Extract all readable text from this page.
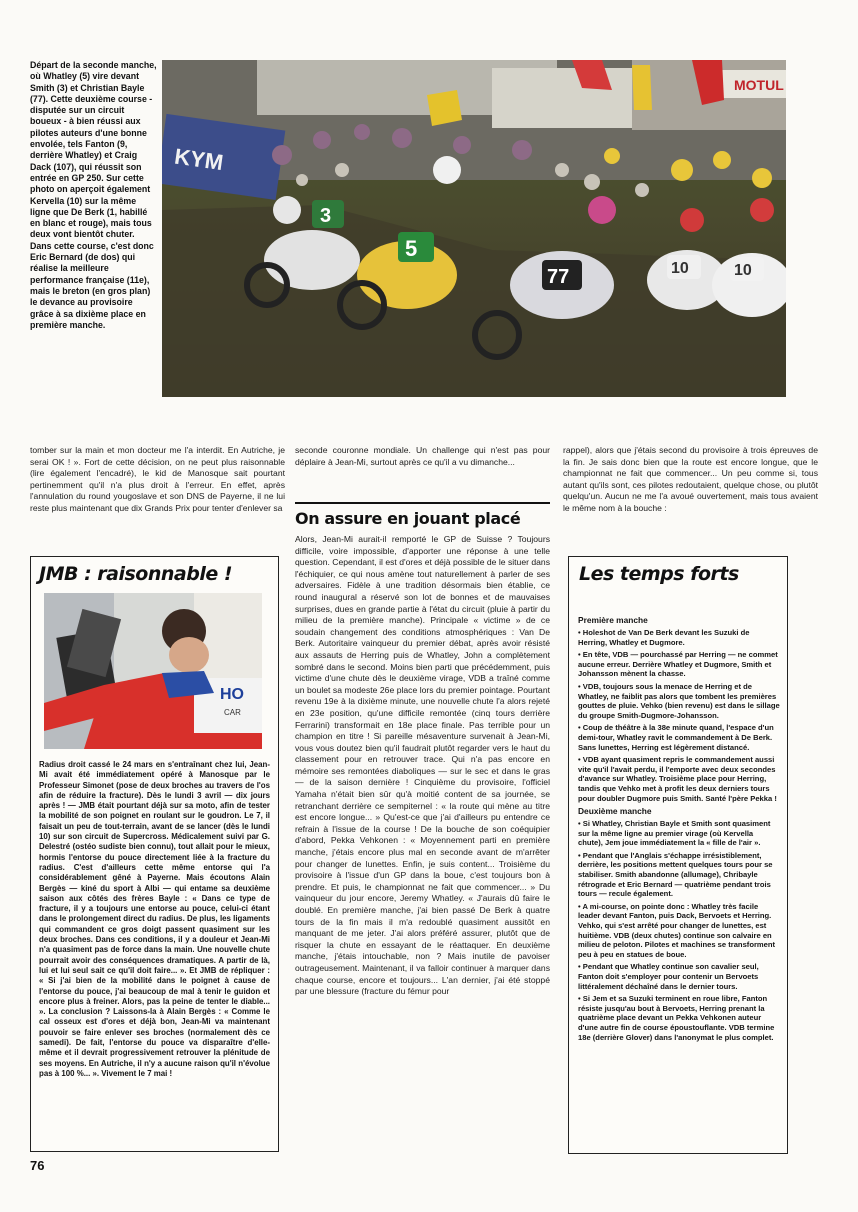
Départ de la seconde manche, où Whatley (5) vire devant Smith (3) et Christian Bayle (77). Cette deuxième course - disputée sur un circuit boueux - à bien réussi aux pilotes auteurs d'une bonne envolée, tels Fanton (9, derrière Whatley) et Craig Dack (107), qui réussit son entrée en GP 250. Sur cette photo on aperçoit également Kervella (10) sur la même ligne que De Berk (1, habillé en blanc et rouge), mais tous deux vont bientôt chuter. Dans cette course, c'est donc Eric Bernard (de dos) qui réalise la meilleure performance française (11e), mais le breton (en gros plan) le devance au provisoire grâce à sa dixième place en première manche.
MOTUL
KYM
3
5
77	10	10

tomber sur la main et mon docteur me l'a interdit. En Autriche, je serai OK ! ». Fort de cette décision, on ne peut plus raisonnable (lire également l'encadré), le kid de Manosque sait pourtant pertinemment qu'il n'a plus droit à l'erreur. En effet, après l'annulation du round yougoslave et son DNS de Payerne, il ne lui reste plus maintenant que dix Grands Prix pour tenter d'enlever sa

seconde couronne mondiale. Un challenge qui n'est pas pour déplaire à Jean-Mi, surtout après ce qu'il a vu dimanche...

On assure en jouant placé

Alors, Jean-Mi aurait-il remporté le GP de Suisse ? Toujours difficile, voire impossible, d'apporter une réponse à une telle question. Cependant, il est d'ores et déjà possible de le situer dans l'échiquier, ce qui nous amène tout naturellement à parler de ses adversaires. Fidèle à une tradition désormais bien établie, ce round inaugural a réservé son lot de bonnes et de mauvaises surprises, dues en grande partie à l'état du circuit (pluie à partir du milieu de la première manche). Principale « victime » de ce soudain changement des conditions atmosphériques : Van De Berk. Autoritaire vainqueur du premier débat, après avoir résisté aux assauts de Herring puis de Whatley, John a complètement sombré dans le second. Moins bien parti que précédemment, puis victime d'une chute dès le deuxième virage, VDB a traîné comme un boulet sa modeste 26e place lors du premier pointage. Pourtant revenu 19e à la dixième minute, une nouvelle chute l'a alors rejeté en 23e position, qu'une difficile remontée (cinq tours derrière Ferrarini) transformait en 18e place finale. Pas terrible pour un champion en titre ! Si pareille mésaventure survenait à Jean-Mi, vous vous doutez bien qu'il faudrait plutôt regarder vers le haut du classement pour en retrouver trace. Qui n'a pas encore en mémoire ses remontées diaboliques — sur le sec et dans le gras — de la saison dernière ! Cinquième du provisoire, l'officiel Yamaha n'était bien sûr qu'à moitié content de sa journée, se retranchant derrière ce sempiternel : « la route qui mène au titre est encore longue... » Qu'est-ce que j'ai d'ailleurs pu entendre ce refrain à l'issue de la course ! De la bouche de son coéquipier d'abord, Pekka Vehkonen : « Moyennement parti en première manche, j'étais encore plus mal en seconde avant de m'arrêter pour changer de lunettes. Enfin, je suis content... Troisième du provisoire à l'issue d'un GP dans la boue, c'est toujours bon à prendre. Et puis, le championnat ne fait que commencer... » Du vainqueur du jour encore, Jeremy Whatley. « J'aurais dû faire le doublé. En première manche, j'ai bien passé De Berk à quatre tours de la fin mais il m'a redoublé quasiment aussitôt en manquant de me jeter. J'ai alors préféré assurer, plutôt que de risquer la chute en essayant de le réattaquer. En deuxième manche, j'étais intouchable, non ? Mais inutile de pavoiser outrageusement. Maintenant, il va falloir continuer à marquer dans chaque course, encore et toujours... L'an dernier, j'ai été stoppé par une blessure (fracture du fémur pour

rappel), alors que j'étais second du provisoire à trois épreuves de la fin. Je sais donc bien que la route est encore longue, que le championnat ne fait que commencer... Un peu comme si, tous autant qu'ils sont, ces pilotes redoutaient, quelque chose, ou plutôt quelqu'un. Aucun ne me l'a avoué ouvertement, mais tous avaient le même nom à la bouche :

JMB : raisonnable !
HO
CAR

Radius droit cassé le 24 mars en s'entraînant chez lui, Jean-Mi avait été immédiatement opéré à Manosque par le Professeur Simonet (pose de deux broches au travers de l'os afin de réduire la fracture). Dès le lundi 3 avril — dix jours après ! — JMB était pourtant déjà sur sa moto, afin de tester la mobilité de son poignet en roulant sur le goudron. Le 7, il faisait un peu de tout-terrain, avant de se lancer (dès le lundi 10) sur son circuit de Supercross. Médicalement suivi par G. Delestré (ostéo sudiste bien connu), tout allait pour le mieux, hormis l'entorse du pouce directement liée à la fracture du radius. C'est d'ailleurs cette même entorse qui l'a considérablement gêné à Payerne. Mais écoutons Alain Bergès — kiné du sport à Albi — qui entame sa deuxième saison aux côtés des frères Bayle : « Dans ce type de fracture, il y a toujours une entorse au pouce, celui-ci étant dans le prolongement direct du radius. De plus, les ligaments qui commandent ce gros doigt passent quasiment sur les deux broches. Dans ces conditions, il y a douleur et Jean-Mi n'a quasiment pas de force dans la main. Une nouvelle chute pourrait avoir des conséquences dramatiques. A partir de là, lui et lui seul sait ce qu'il doit faire... ». Et JMB de répliquer : « Si j'ai bien de la mobilité dans le poignet à cause de l'entorse du pouce, j'ai beaucoup de mal à tenir le guidon et encore plus à freiner. Alors, pas la peine de tenter le diable... ». La conclusion ? Laissons-la à Alain Bergès : « Comme le cal osseux est d'ores et déjà bon, Jean-Mi va maintenant pouvoir se faire enlever ses broches (normalement dès ce samedi). De fait, l'entorse du pouce va disparaître d'elle-même et il devrait progressivement retrouver la plénitude de ses moyens. En Autriche, il n'y a aucune raison qu'il n'évolue pas à 100 %... ». Vivement le 7 mai !

Les temps forts
Première manche
• Holeshot de Van De Berk devant les Suzuki de Herring, Whatley et Dugmore.
• En tête, VDB — pourchassé par Herring — ne commet aucune erreur. Derrière Whatley et Dugmore, Smith et Johansson mènent la chasse.
• VDB, toujours sous la menace de Herring et de Whatley, ne faiblit pas alors que tombent les premières gouttes de pluie. Vehko (bien revenu) est dans le sillage du groupe Smith-Dugmore-Johansson.
• Coup de théâtre à la 38e minute quand, l'espace d'un demi-tour, Whatley ravit le commandement à De Berk. Sans lunettes, Herring est légèrement distancé.
• VDB ayant quasiment repris le commandement aussi vite qu'il l'avait perdu, il l'emporte avec deux secondes d'avance sur Whatley. Troisième place pour Herring, tandis que Vehko met à profit les deux derniers tours pour doubler Dugmore puis Smith. Santé l'père Pekka !
Deuxième manche
• Si Whatley, Christian Bayle et Smith sont quasiment sur la même ligne au premier virage (où Kervella chute), Jem joue immédiatement la « fille de l'air ».
• Pendant que l'Anglais s'échappe irrésistiblement, derrière, les positions mettent quelques tours pour se stabiliser. Smith abandonne (allumage), Chribayle rétrograde et Eric Bernard — quatrième pendant trois tours — recule également.
• A mi-course, on pointe donc : Whatley très facile leader devant Fanton, puis Dack, Bervoets et Herring. Vehko, qui s'est arrêté pour changer de lunettes, est huitième. VDB (deux chutes) continue son calvaire en milieu de peloton. Pilotes et machines se transforment peu à peu en statues de boue.
• Pendant que Whatley continue son cavalier seul, Fanton doit s'employer pour contenir un Bervoets littéralement déchaîné dans le dernier tours.
• Si Jem et sa Suzuki terminent en roue libre, Fanton résiste jusqu'au bout à Bervoets, Herring prenant la quatrième place devant un Pekka Vehkonen auteur d'une autre fin de course époustouflante. VDB termine 18e (derrière Glover) dans l'anonymat le plus complet.
76
